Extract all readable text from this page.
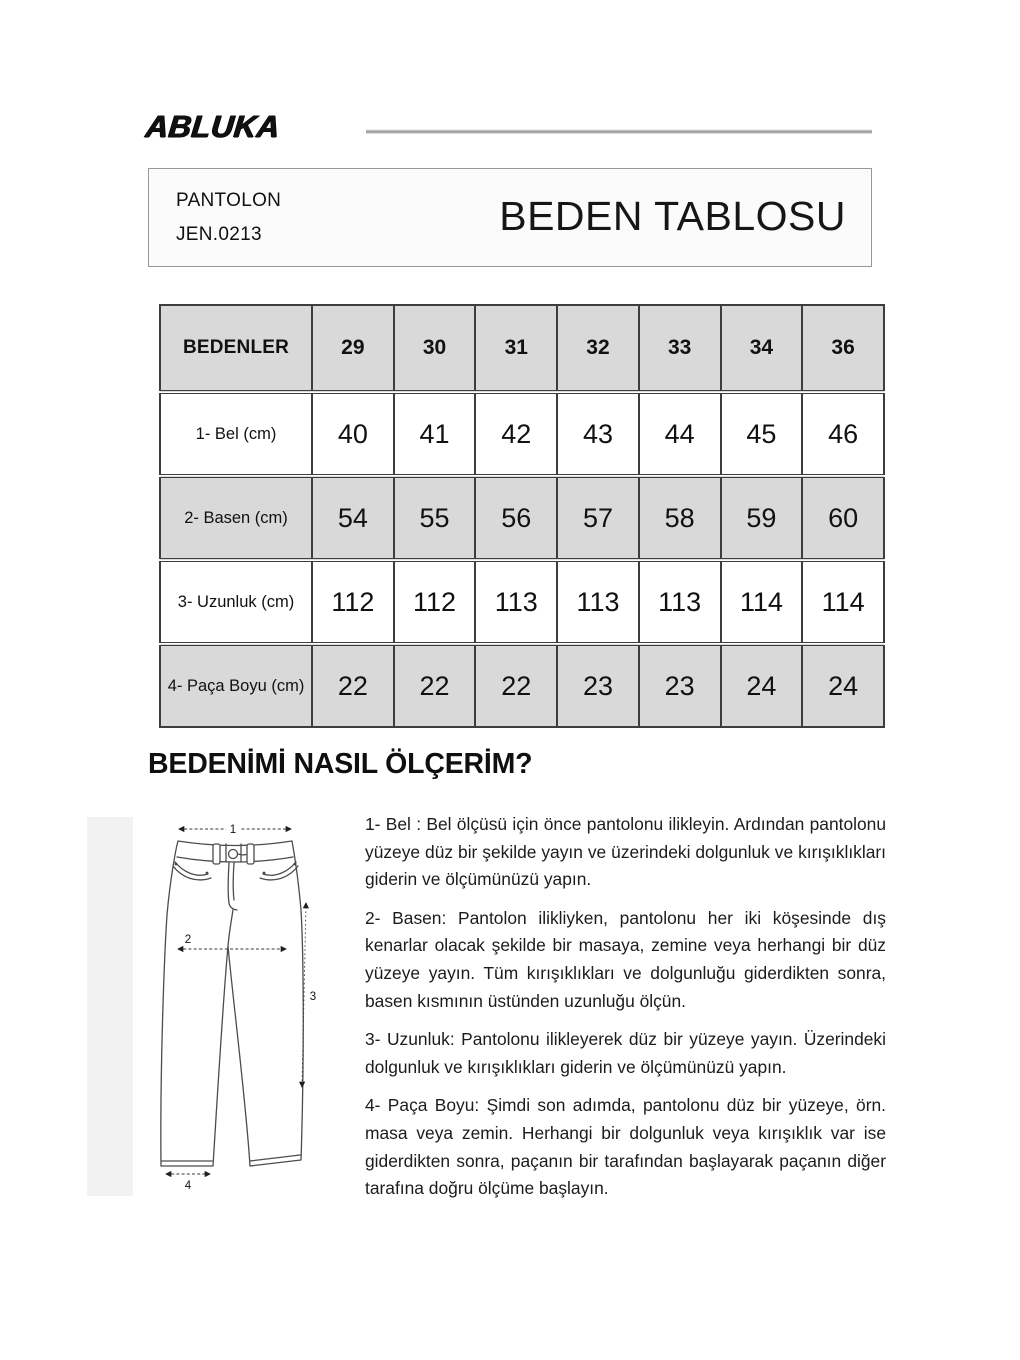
ABLUKA
PANTOLON
JEN.0213	BEDEN TABLOSU
BEDENLER	29	30	31	32	33	34	36
1- Bel (cm)	40	41	42	43	44	45	46
2- Basen (cm)	54	55	56	57	58	59	60
3- Uzunluk (cm)	112	112	113	113	113	114	114
4- Paça Boyu (cm)	22	22	22	23	23	24	24
BEDENİMİ NASIL ÖLÇERİM?
1
2
3
4

1- Bel : Bel ölçüsü için önce pantolonu ilikleyin. Ardından pantolonu yüzeye düz bir şekilde yayın ve üzerindeki dolgunluk ve kırışıklıkları giderin ve ölçümünüzü yapın.

2- Basen: Pantolon ilikliyken, pantolonu her iki köşesinde dış kenarlar olacak şekilde bir masaya, zemine veya herhangi bir düz yüzeye yayın. Tüm kırışıklıkları ve dolgunluğu giderdikten sonra, basen kısmının üstünden uzunluğu ölçün.

3- Uzunluk: Pantolonu ilikleyerek düz bir yüzeye yayın. Üzerindeki dolgunluk ve kırışıklıkları giderin ve ölçümünüzü yapın.

4- Paça Boyu: Şimdi son adımda, pantolonu düz bir yüzeye, örn. masa veya zemin. Herhangi bir dolgunluk veya kırışıklık var ise giderdikten sonra, paçanın bir tarafından başlayarak paçanın diğer tarafına doğru ölçüme başlayın.
